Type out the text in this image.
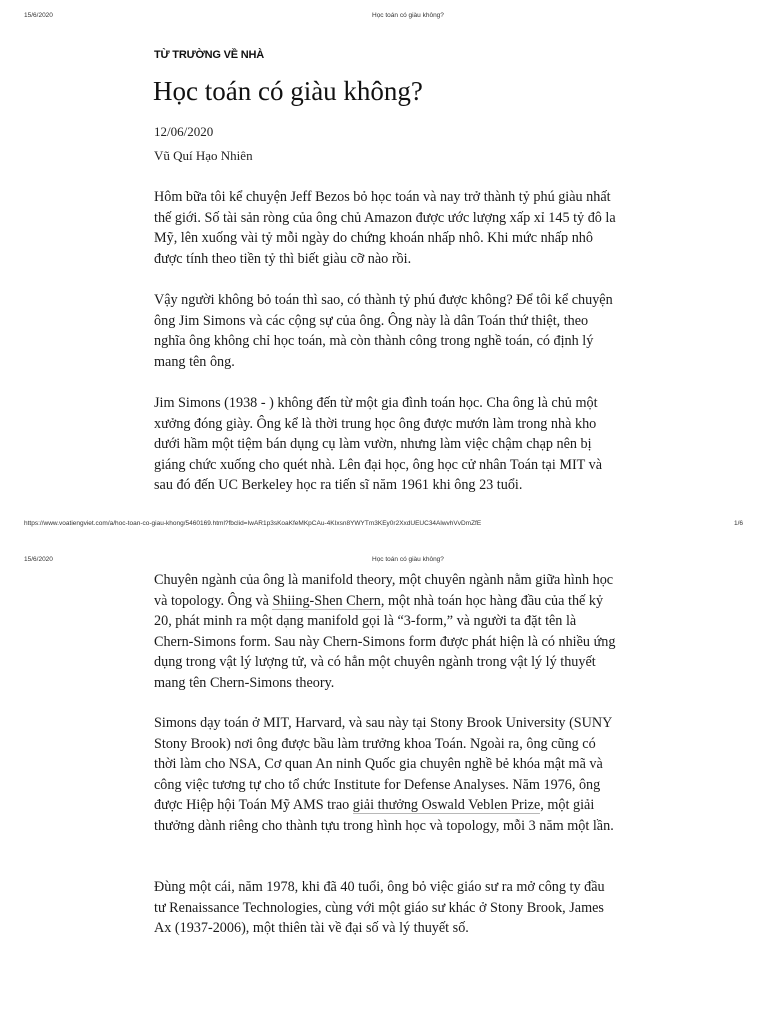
15/6/2020	Học toán có giàu không?
TỪ TRƯỜNG VỀ NHÀ
Học toán có giàu không?
12/06/2020
Vũ Quí Hạo Nhiên

Hôm bữa tôi kể chuyện Jeff Bezos bỏ học toán và nay trở thành tỷ phú giàu nhất thế giới. Số tài sản ròng của ông chủ Amazon được ước lượng xấp xỉ 145 tỷ đô la Mỹ, lên xuống vài tỷ mỗi ngày do chứng khoán nhấp nhô. Khi mức nhấp nhô được tính theo tiền tỷ thì biết giàu cỡ nào rồi.

Vậy người không bỏ toán thì sao, có thành tỷ phú được không? Để tôi kể chuyện ông Jim Simons và các cộng sự của ông. Ông này là dân Toán thứ thiệt, theo nghĩa ông không chỉ học toán, mà còn thành công trong nghề toán, có định lý mang tên ông.

Jim Simons (1938 - ) không đến từ một gia đình toán học. Cha ông là chủ một xưởng đóng giày. Ông kể là thời trung học ông được mướn làm trong nhà kho dưới hầm một tiệm bán dụng cụ làm vườn, nhưng làm việc chậm chạp nên bị giáng chức xuống cho quét nhà. Lên đại học, ông học cử nhân Toán tại MIT và sau đó đến UC Berkeley học ra tiến sĩ năm 1961 khi ông 23 tuổi.

https://www.voatiengviet.com/a/hoc-toan-co-giau-khong/5460169.html?fbclid=IwAR1p3sKoaKfeMKpCAu-4KIxsn8YWYTm3KEy0r2XxdUEUC34AlwvhVvDmZfE	1/6
15/6/2020	Học toán có giàu không?

Chuyên ngành của ông là manifold theory, một chuyên ngành nằm giữa hình học và topology. Ông và Shiing-Shen Chern, một nhà toán học hàng đầu của thế kỷ 20, phát minh ra một dạng manifold gọi là “3-form,” và người ta đặt tên là Chern-Simons form. Sau này Chern-Simons form được phát hiện là có nhiều ứng dụng trong vật lý lượng tử, và có hẳn một chuyên ngành trong vật lý lý thuyết mang tên Chern-Simons theory.

Simons dạy toán ở MIT, Harvard, và sau này tại Stony Brook University (SUNY Stony Brook) nơi ông được bầu làm trưởng khoa Toán. Ngoài ra, ông cũng có thời làm cho NSA, Cơ quan An ninh Quốc gia chuyên nghề bẻ khóa mật mã và công việc tương tự cho tổ chức Institute for Defense Analyses. Năm 1976, ông được Hiệp hội Toán Mỹ AMS trao giải thưởng Oswald Veblen Prize, một giải thưởng dành riêng cho thành tựu trong hình học và topology, mỗi 3 năm một lần.

Đùng một cái, năm 1978, khi đã 40 tuổi, ông bỏ việc giáo sư ra mở công ty đầu tư Renaissance Technologies, cùng với một giáo sư khác ở Stony Brook, James Ax (1937-2006), một thiên tài về đại số và lý thuyết số.
